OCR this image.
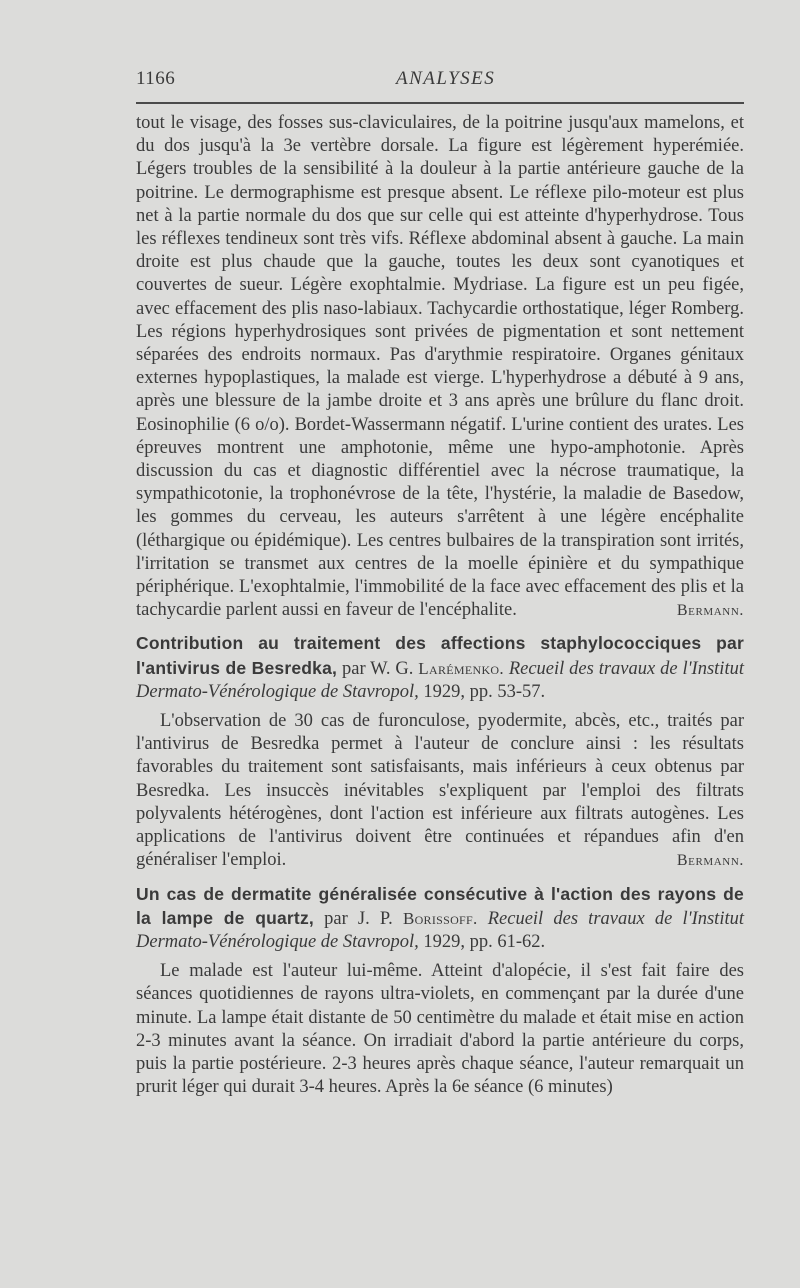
1166	ANALYSES

tout le visage, des fosses sus-claviculaires, de la poitrine jusqu'aux mamelons, et du dos jusqu'à la 3e vertèbre dorsale. La figure est légèrement hyperémiée. Légers troubles de la sensibilité à la douleur à la partie antérieure gauche de la poitrine. Le dermographisme est presque absent. Le réflexe pilo-moteur est plus net à la partie normale du dos que sur celle qui est atteinte d'hyperhydrose. Tous les réflexes tendineux sont très vifs. Réflexe abdominal absent à gauche. La main droite est plus chaude que la gauche, toutes les deux sont cyanotiques et couvertes de sueur. Légère exophtalmie. Mydriase. La figure est un peu figée, avec effacement des plis naso-labiaux. Tachycardie orthostatique, léger Romberg. Les régions hyperhydrosiques sont privées de pigmentation et sont nettement séparées des endroits normaux. Pas d'arythmie respiratoire. Organes génitaux externes hypoplastiques, la malade est vierge. L'hyperhydrose a débuté à 9 ans, après une blessure de la jambe droite et 3 ans après une brûlure du flanc droit. Eosinophilie (6 o/o). Bordet-Wassermann négatif. L'urine contient des urates. Les épreuves montrent une amphotonie, même une hypo-amphotonie. Après discussion du cas et diagnostic différentiel avec la nécrose traumatique, la sympathicotonie, la trophonévrose de la tête, l'hystérie, la maladie de Basedow, les gommes du cerveau, les auteurs s'arrêtent à une légère encéphalite (léthargique ou épidémique). Les centres bulbaires de la transpiration sont irrités, l'irritation se transmet aux centres de la moelle épinière et du sympathique périphérique. L'exophtalmie, l'immobilité de la face avec effacement des plis et la tachycardie parlent aussi en faveur de l'encéphalite.	Bermann.

Contribution au traitement des affections staphylococciques par l'antivirus de Besredka, par W. G. Larémenko. Recueil des travaux de l'Institut Dermato-Vénérologique de Stavropol, 1929, pp. 53-57.

L'observation de 30 cas de furonculose, pyodermite, abcès, etc., traités par l'antivirus de Besredka permet à l'auteur de conclure ainsi : les résultats favorables du traitement sont satisfaisants, mais inférieurs à ceux obtenus par Besredka. Les insuccès inévitables s'expliquent par l'emploi des filtrats polyvalents hétérogènes, dont l'action est inférieure aux filtrats autogènes. Les applications de l'antivirus doivent être continuées et répandues afin d'en généraliser l'emploi.	Bermann.

Un cas de dermatite généralisée consécutive à l'action des rayons de la lampe de quartz, par J. P. Borissoff. Recueil des travaux de l'Institut Dermato-Vénérologique de Stavropol, 1929, pp. 61-62.

Le malade est l'auteur lui-même. Atteint d'alopécie, il s'est fait faire des séances quotidiennes de rayons ultra-violets, en commençant par la durée d'une minute. La lampe était distante de 50 centimètre du malade et était mise en action 2-3 minutes avant la séance. On irradiait d'abord la partie antérieure du corps, puis la partie postérieure. 2-3 heures après chaque séance, l'auteur remarquait un prurit léger qui durait 3-4 heures. Après la 6e séance (6 minutes)
